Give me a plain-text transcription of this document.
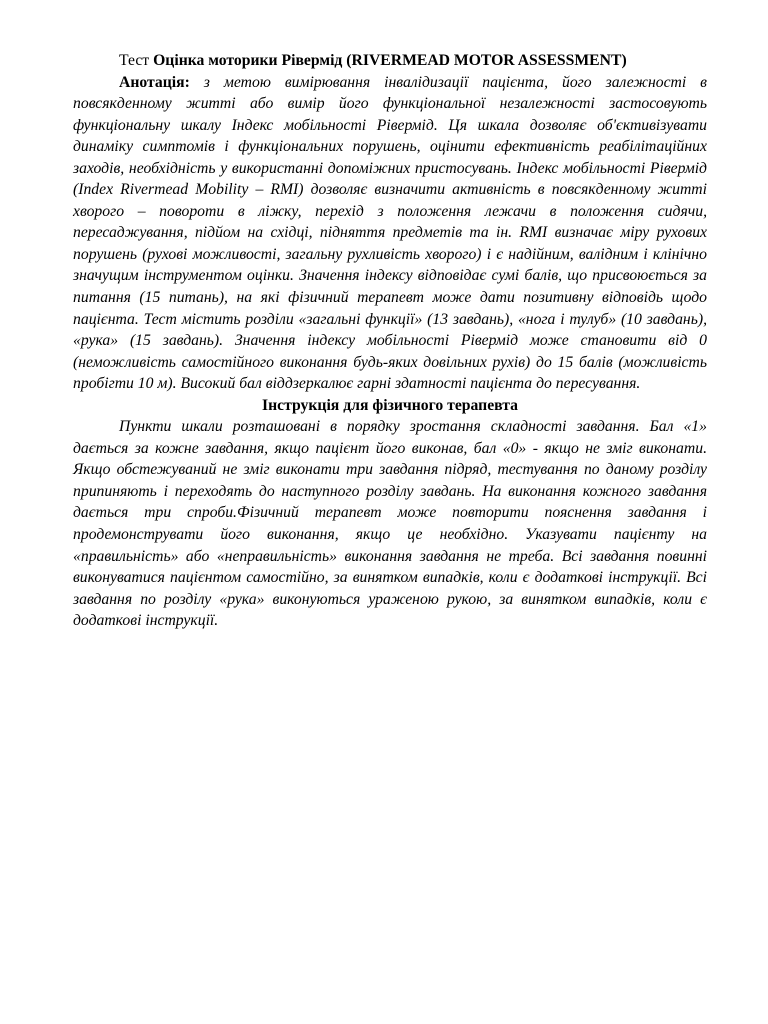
Тест Оцінка моторики Рівермід (RIVERMEAD MOTOR ASSESSMENT)

Анотація: з метою вимірювання інвалідизації пацієнта, його залежності в повсякденному житті або вимір його функціональної незалежності застосовують функціональну шкалу Індекс мобільності Рівермід. Ця шкала дозволяє об'єктивізувати динаміку симптомів і функціональних порушень, оцінити ефективність реабілітаційних заходів, необхідність у використанні допоміжних пристосувань. Індекс мобільності Рівермід (Index Rivermead Mobility – RMI) дозволяє визначити активність в повсякденному житті хворого – повороти в ліжку, перехід з положення лежачи в положення сидячи, пересаджування, підйом на східці, підняття предметів та ін. RMI визначає міру рухових порушень (рухові можливості, загальну рухливість хворого) і є надійним, валідним і клінічно значущим інструментом оцінки. Значення індексу відповідає сумі балів, що присвоюється за питання (15 питань), на які фізичний терапевт може дати позитивну відповідь щодо пацієнта. Тест містить розділи «загальні функції» (13 завдань), «нога і тулуб» (10 завдань), «рука» (15 завдань). Значення індексу мобільності Рівермід може становити від 0 (неможливість самостійного виконання будь-яких довільних рухів) до 15 балів (можливість пробігти 10 м). Високий бал віддзеркалює гарні здатності пацієнта до пересування.

Інструкція для фізичного терапевта

Пункти шкали розташовані в порядку зростання складності завдання. Бал «1» дається за кожне завдання, якщо пацієнт його виконав, бал «0» - якщо не зміг виконати. Якщо обстежуваний не зміг виконати три завдання підряд, тестування по даному розділу припиняють і переходять до наступного розділу завдань. На виконання кожного завдання дається три спроби.Фізичний терапевт може повторити пояснення завдання і продемонструвати його виконання, якщо це необхідно. Указувати пацієнту на «правильність» або «неправильність» виконання завдання не треба. Всі завдання повинні виконуватися пацієнтом самостійно, за винятком випадків, коли є додаткові інструкції. Всі завдання по розділу «рука» виконуються ураженою рукою, за винятком випадків, коли є додаткові інструкції.
